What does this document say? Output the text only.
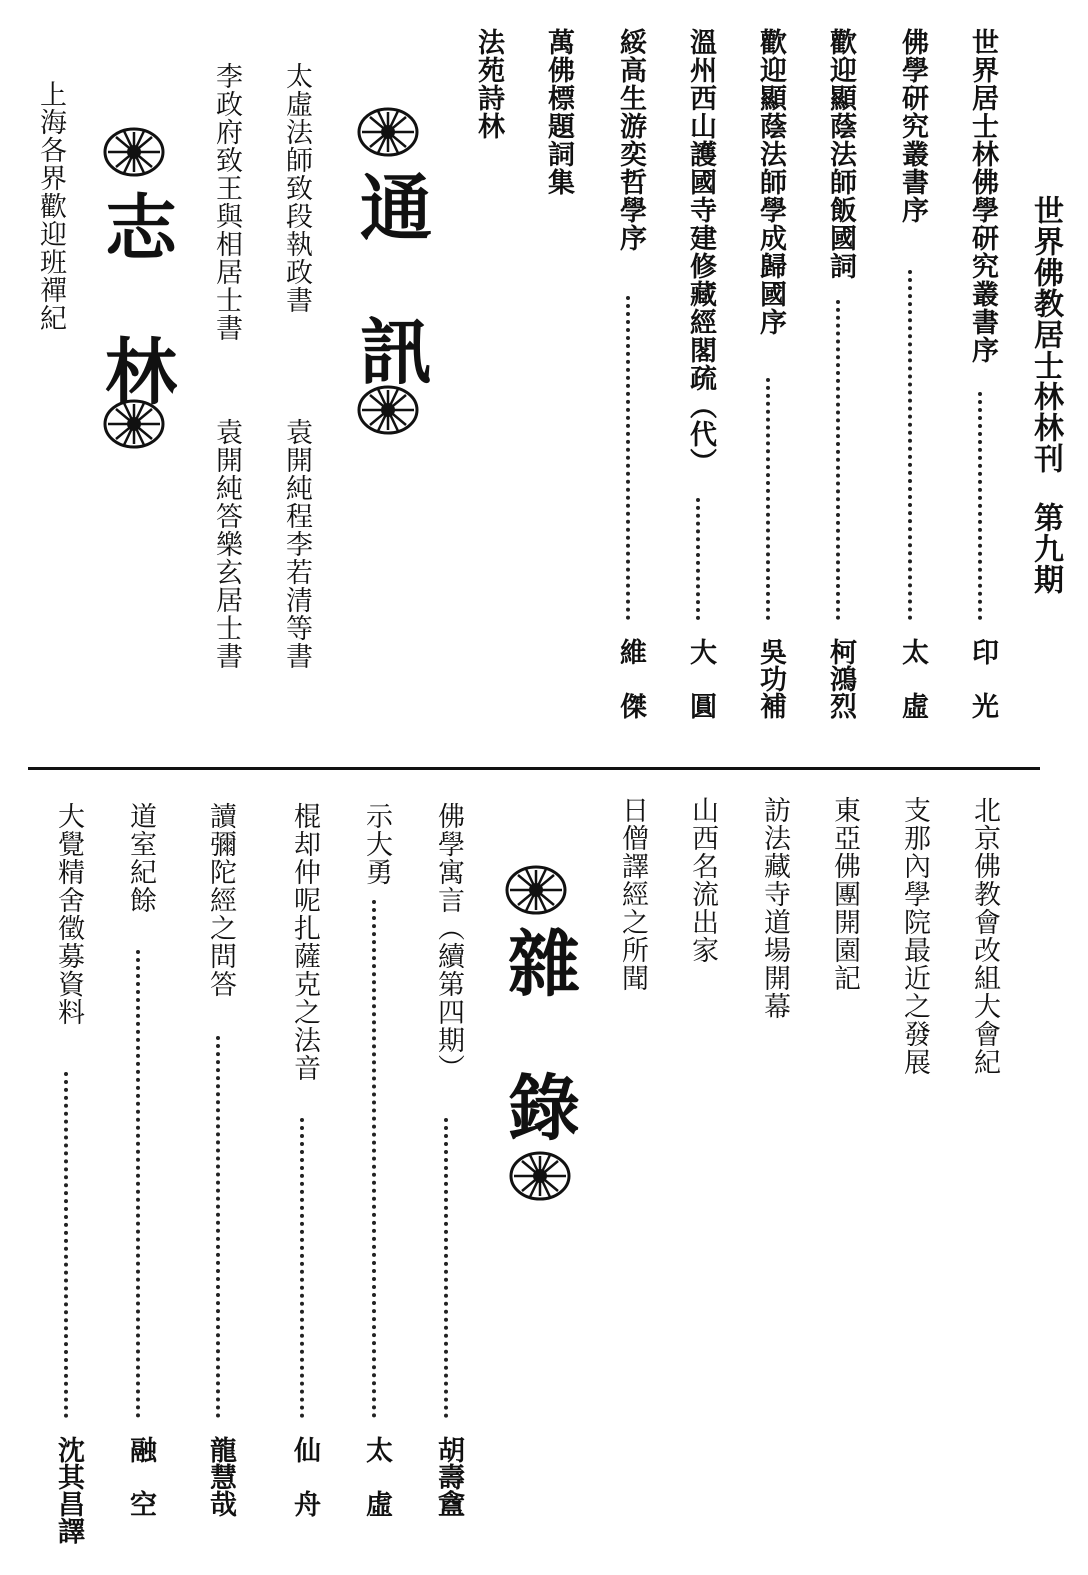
世界佛教居士林林刊第九期
世界居士林佛學研究叢書序
印　光
佛學研究叢書序
太　虛
歡迎顯蔭法師飯國詞
柯鴻烈
歡迎顯蔭法師學成歸國序
吳功補
溫州西山護國寺建修藏經閣疏（代）
大　圓
綏高生游奕哲學序
維　傑
萬佛標題詞集
法苑詩林
通　訊
太虛法師致段執政書
袁開純程李若清等書
李政府致王與相居士書
袁開純答樂玄居士書
志　林
上海各界歡迎班禪紀
北京佛教會改組大會紀
支那內學院最近之發展
東亞佛團開園記
訪法藏寺道場開幕
山西名流出家
日僧譯經之所聞
雜　錄
佛學寓言（續第四期）
胡壽盦
示大勇
太　虛
棍却仲呢扎薩克之法音
仙　舟
讀彌陀經之問答
龍慧哉
道室紀餘
融　空
大覺精舍徵募資料
沈其昌譯
